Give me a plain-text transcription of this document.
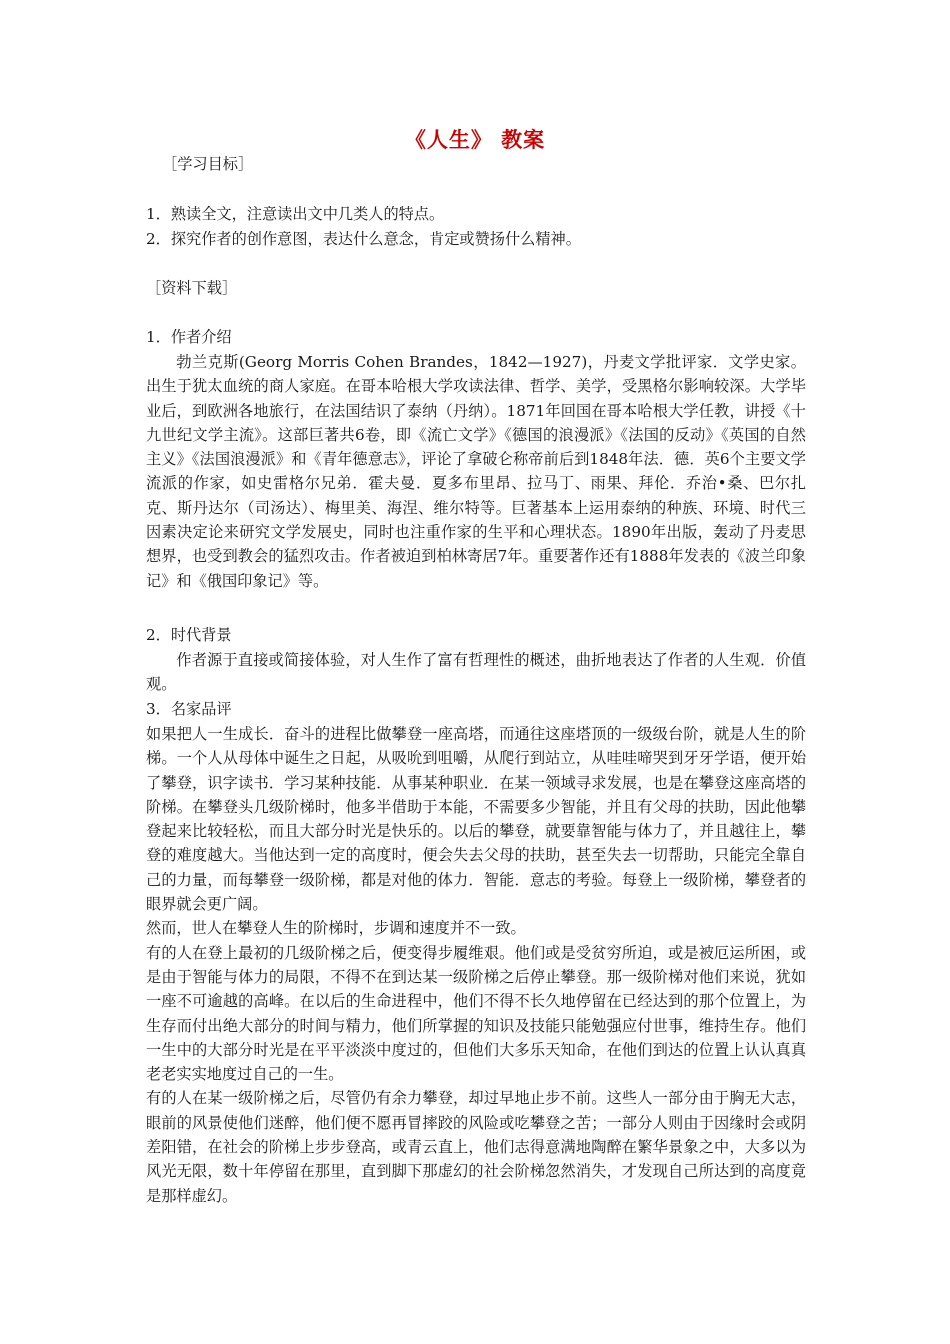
《人生》 教案
［学习目标］
1．熟读全文，注意读出文中几类人的特点。
2．探究作者的创作意图，表达什么意念，肯定或赞扬什么精神。
［资料下载］
1．作者介绍

勃兰克斯(Georg Morris Cohen Brandes，1842—1927)，丹麦文学批评家．文学史家。出生于犹太血统的商人家庭。在哥本哈根大学攻读法律、哲学、美学，受黑格尔影响较深。大学毕业后，到欧洲各地旅行，在法国结识了泰纳（丹纳）。1871年回国在哥本哈根大学任教，讲授《十九世纪文学主流》。这部巨著共6卷，即《流亡文学》《德国的浪漫派》《法国的反动》《英国的自然主义》《法国浪漫派》和《青年德意志》，评论了拿破仑称帝前后到1848年法．德．英6个主要文学流派的作家，如史雷格尔兄弟．霍夫曼．夏多布里昂、拉马丁、雨果、拜伦．乔治•桑、巴尔扎克、斯丹达尔（司汤达）、梅里美、海涅、维尔特等。巨著基本上运用泰纳的种族、环境、时代三因素决定论来研究文学发展史，同时也注重作家的生平和心理状态。1890年出版，轰动了丹麦思想界，也受到教会的猛烈攻击。作者被迫到柏林寄居7年。重要著作还有1888年发表的《波兰印象记》和《俄国印象记》等。

2．时代背景

作者源于直接或简接体验，对人生作了富有哲理性的概述，曲折地表达了作者的人生观．价值观。

3．名家品评

如果把人一生成长．奋斗的进程比做攀登一座高塔，而通往这座塔顶的一级级台阶，就是人生的阶梯。一个人从母体中诞生之日起，从吸吮到咀嚼，从爬行到站立，从哇哇啼哭到牙牙学语，便开始了攀登，识字读书．学习某种技能．从事某种职业．在某一领域寻求发展，也是在攀登这座高塔的阶梯。在攀登头几级阶梯时，他多半借助于本能，不需要多少智能，并且有父母的扶助，因此他攀登起来比较轻松，而且大部分时光是快乐的。以后的攀登，就要靠智能与体力了，并且越往上，攀登的难度越大。当他达到一定的高度时，便会失去父母的扶助，甚至失去一切帮助，只能完全靠自己的力量，而每攀登一级阶梯，都是对他的体力．智能．意志的考验。每登上一级阶梯，攀登者的眼界就会更广阔。

然而，世人在攀登人生的阶梯时，步调和速度并不一致。

有的人在登上最初的几级阶梯之后，便变得步履维艰。他们或是受贫穷所迫，或是被厄运所困，或是由于智能与体力的局限，不得不在到达某一级阶梯之后停止攀登。那一级阶梯对他们来说，犹如一座不可逾越的高峰。在以后的生命进程中，他们不得不长久地停留在已经达到的那个位置上，为生存而付出绝大部分的时间与精力，他们所掌握的知识及技能只能勉强应付世事，维持生存。他们一生中的大部分时光是在平平淡淡中度过的，但他们大多乐天知命，在他们到达的位置上认认真真老老实实地度过自己的一生。

有的人在某一级阶梯之后，尽管仍有余力攀登，却过早地止步不前。这些人一部分由于胸无大志，眼前的风景使他们迷醉，他们便不愿再冒摔跤的风险或吃攀登之苦；一部分人则由于因缘时会或阴差阳错，在社会的阶梯上步步登高，或青云直上，他们志得意满地陶醉在繁华景象之中，大多以为风光无限，数十年停留在那里，直到脚下那虚幻的社会阶梯忽然消失，才发现自己所达到的高度竟是那样虚幻。
